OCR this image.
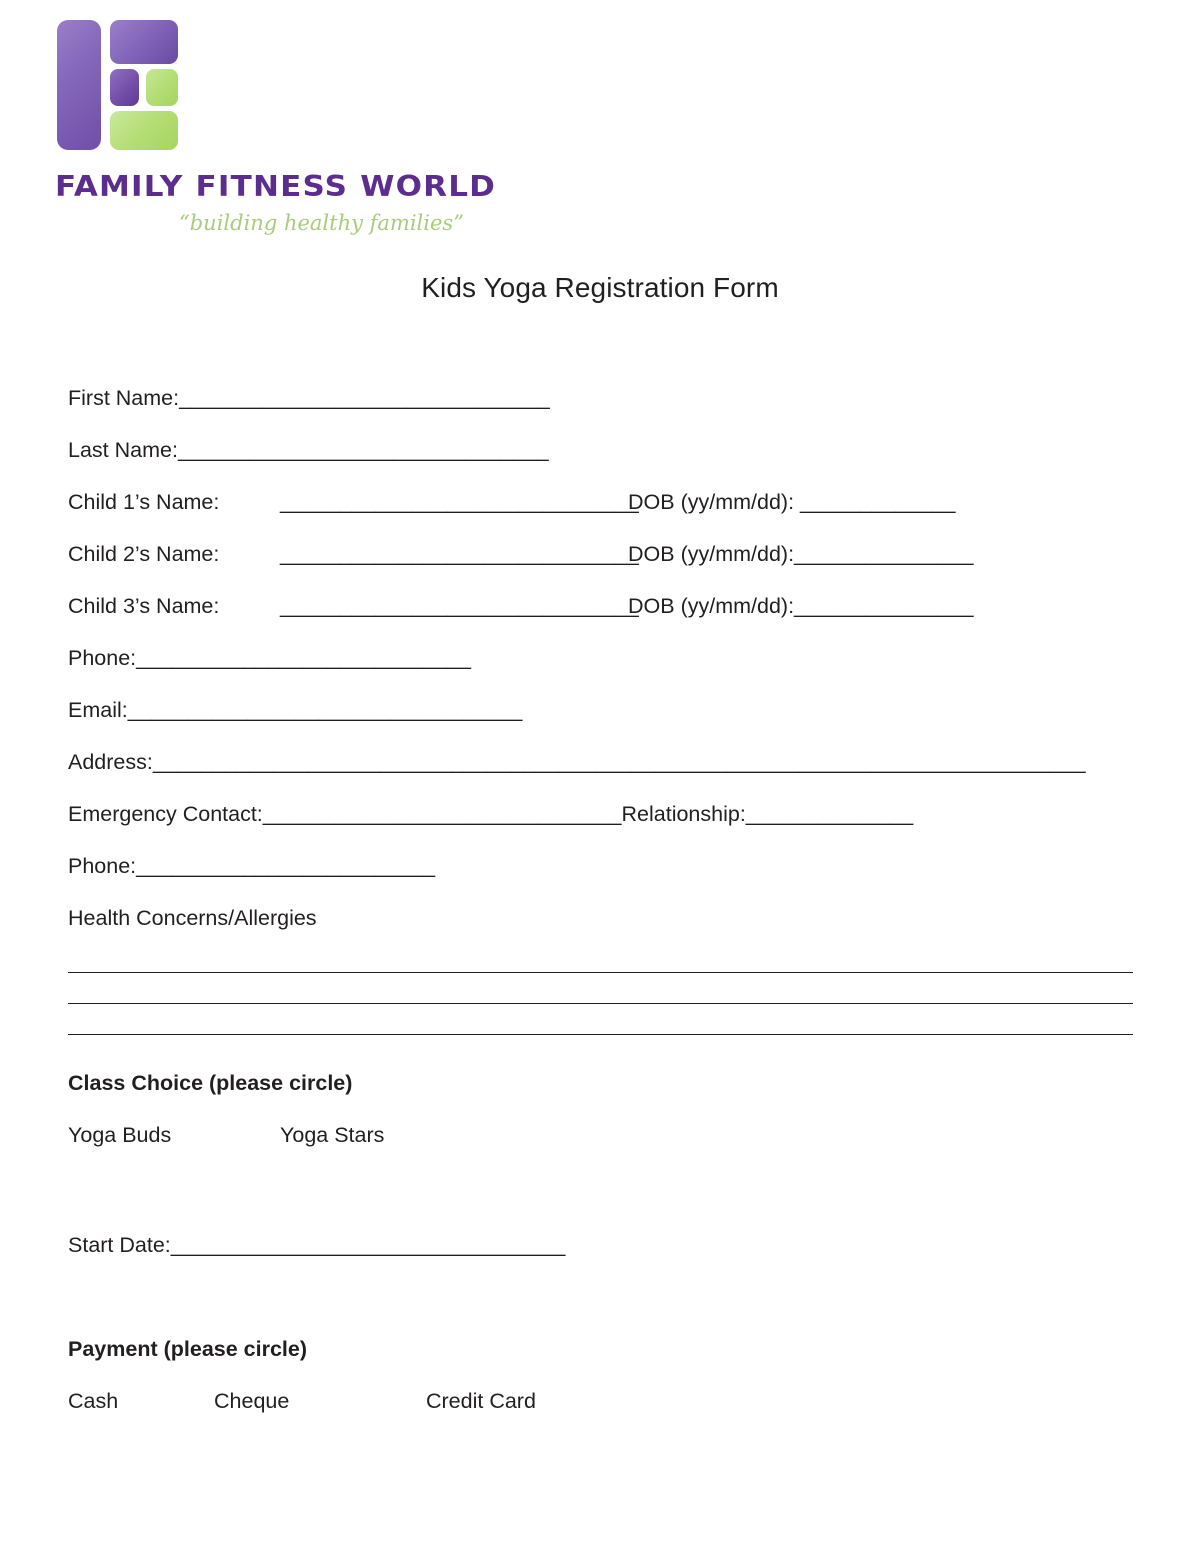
FAMILY FITNESS WORLD
“building healthy families”
Kids Yoga Registration Form
First Name:_______________________________
Last Name:_______________________________
Child 1’s Name:	______________________________DOB (yy/mm/dd): _____________
Child 2’s Name:	______________________________DOB (yy/mm/dd):_______________
Child 3’s Name:	______________________________DOB (yy/mm/dd):_______________
Phone:____________________________
Email:_________________________________
Address:______________________________________________________________________________
Emergency Contact:______________________________Relationship:______________
Phone:_________________________
Health Concerns/Allergies
Class Choice (please circle)
Yoga Buds	Yoga Stars
Start Date:_________________________________
Payment (please circle)
Cash	Cheque	Credit Card
